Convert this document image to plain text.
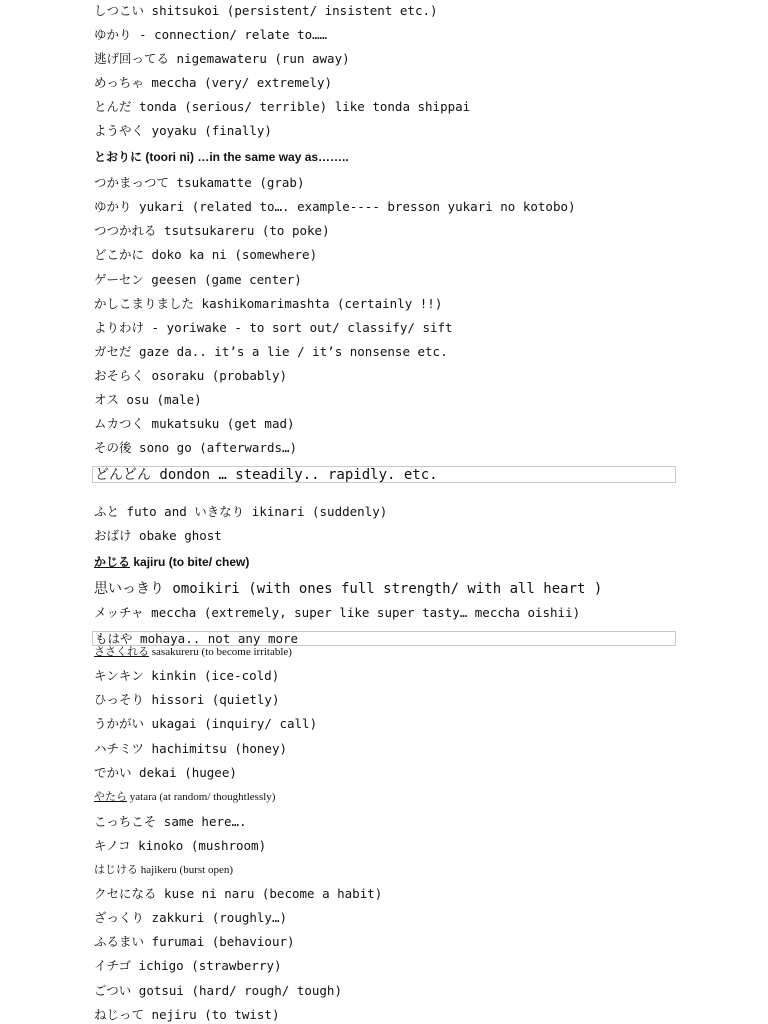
しつこい shitsukoi (persistent/ insistent etc.)
ゆかり - connection/ relate to……
逃げ回ってる nigemawateru (run away)
めっちゃ meccha (very/ extremely)
とんだ tonda (serious/ terrible) like tonda shippai
ようやく yoyaku (finally)
とおりに (toori ni) …in the same way as……..
つかまっつて tsukamatte (grab)
ゆかり yukari (related to…. example---- bresson yukari no kotobo)
つつかれる tsutsukareru (to poke)
どこかに doko ka ni (somewhere)
ゲーセン geesen (game center)
かしこまりました kashikomarimashta (certainly !!)
よりわけ - yoriwake - to sort out/ classify/ sift
ガセだ gaze da.. it’s a lie / it’s nonsense etc.
おそらく osoraku (probably)
オス osu (male)
ムカつく mukatsuku (get mad)
その後 sono go (afterwards…)
どんどん dondon … steadily.. rapidly. etc.
ふと futo and いきなり ikinari (suddenly)
おばけ obake ghost
かじる kajiru (to bite/ chew)
思いっきり omoikiri (with ones full strength/ with all heart )
メッチャ meccha (extremely, super like super tasty… meccha oishii)
もはや mohaya.. not any more
ささくれる sasakureru (to become irritable)
キンキン kinkin (ice-cold)
ひっそり hissori (quietly)
うかがい ukagai (inquiry/ call)
ハチミツ hachimitsu (honey)
でかい dekai (hugee)
やたら yatara (at random/ thoughtlessly)
こっちこそ same here….
キノコ kinoko (mushroom)
はじける hajikeru (burst open)
クセになる kuse ni naru (become a habit)
ざっくり zakkuri (roughly…)
ふるまい furumai (behaviour)
イチゴ ichigo (strawberry)
ごつい gotsui (hard/ rough/ tough)
ねじって nejiru (to twist)
